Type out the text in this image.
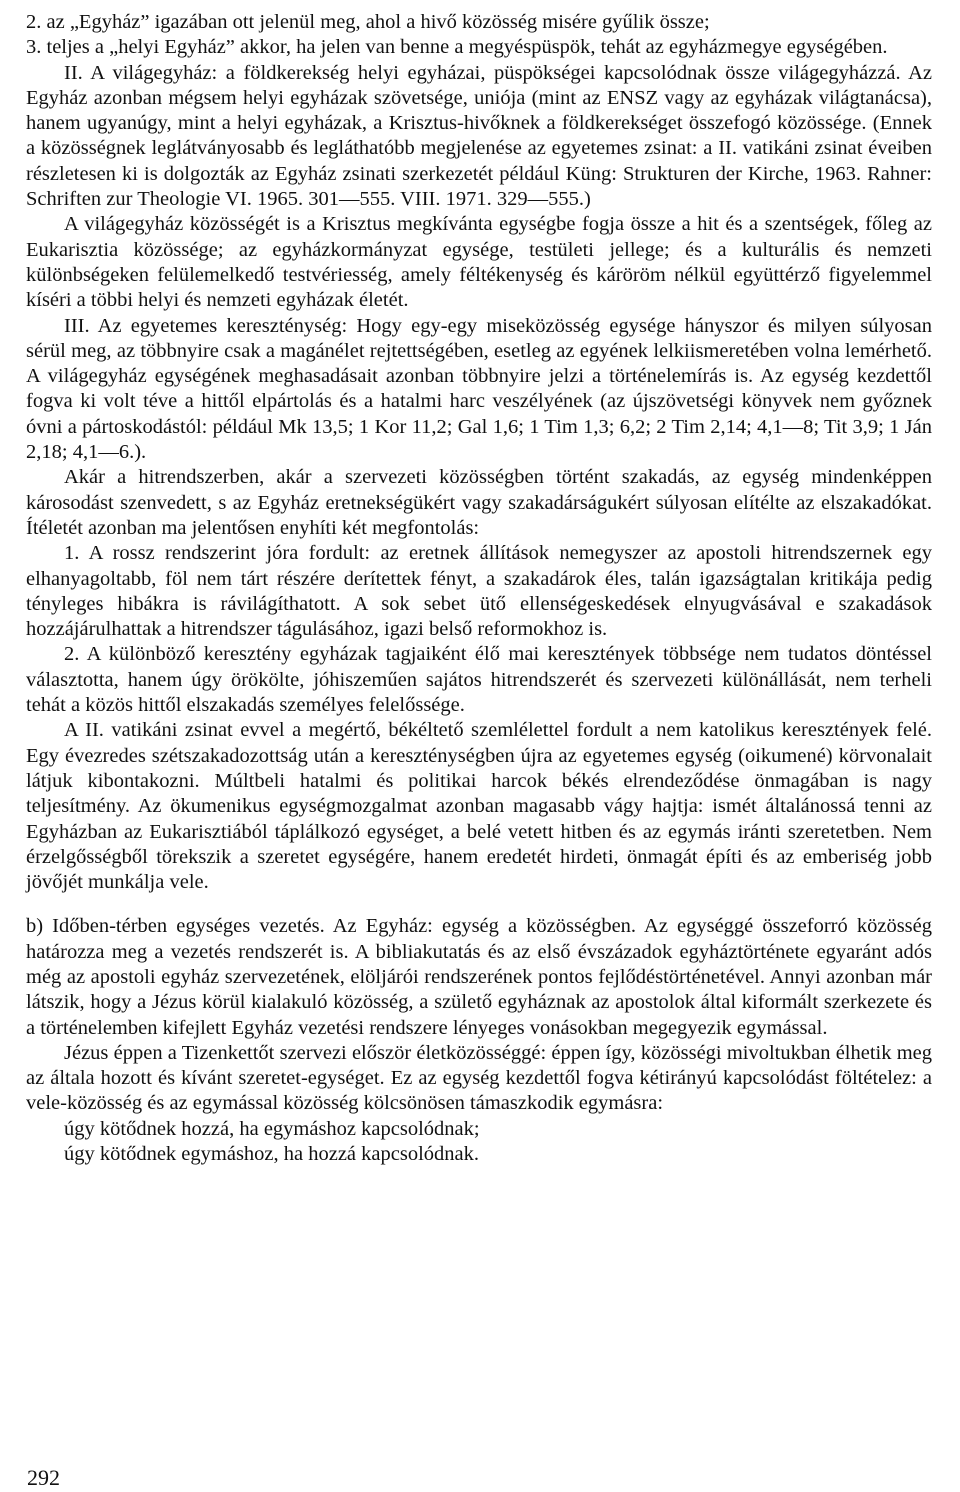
2. az „Egyház” igazában ott jelenül meg, ahol a hivő közösség misére gyűlik össze;

3. teljes a „helyi Egyház” akkor, ha jelen van benne a megyéspüspök, tehát az egyházmegye egységében.

II. A világegyház: a földkerekség helyi egyházai, püspökségei kapcsolódnak össze világegyházzá. Az Egyház azonban mégsem helyi egyházak szövetsége, uniója (mint az ENSZ vagy az egyházak világtanácsa), hanem ugyanúgy, mint a helyi egyházak, a Krisztus-hivőknek a földkerekséget összefogó közössége. (Ennek a közösségnek leglátványosabb és legláthatóbb megjelenése az egyetemes zsinat: a II. vatikáni zsinat éveiben részletesen ki is dolgozták az Egyház zsinati szerkezetét például Küng: Strukturen der Kirche, 1963. Rahner: Schriften zur Theologie VI. 1965. 301—555. VIII. 1971. 329—555.)

A világegyház közösségét is a Krisztus megkívánta egységbe fogja össze a hit és a szentségek, főleg az Eukarisztia közössége; az egyházkormányzat egysége, testületi jellege; és a kulturális és nemzeti különbségeken felülemelkedő testvériesség, amely féltékenység és káröröm nélkül együttérző figyelemmel kíséri a többi helyi és nemzeti egyházak életét.

III. Az egyetemes kereszténység: Hogy egy-egy miseközösség egysége hányszor és milyen súlyosan sérül meg, az többnyire csak a magánélet rejtettségében, esetleg az egyének lelkiismeretében volna lemérhető. A világegyház egységének meghasadásait azonban többnyire jelzi a történelemírás is. Az egység kezdettől fogva ki volt téve a hittől elpártolás és a hatalmi harc veszélyének (az újszövetségi könyvek nem győznek óvni a pártoskodástól: például Mk 13,5; 1 Kor 11,2; Gal 1,6; 1 Tim 1,3; 6,2; 2 Tim 2,14; 4,1—8; Tit 3,9; 1 Ján 2,18; 4,1—6.).

Akár a hitrendszerben, akár a szervezeti közösségben történt szakadás, az egység mindenképpen károsodást szenvedett, s az Egyház eretnekségükért vagy szakadárságukért súlyosan elítélte az elszakadókat. Ítéletét azonban ma jelentősen enyhíti két megfontolás:

1. A rossz rendszerint jóra fordult: az eretnek állítások nemegyszer az apostoli hitrendszernek egy elhanyagoltabb, föl nem tárt részére derítettek fényt, a szakadárok éles, talán igazságtalan kritikája pedig tényleges hibákra is rávilágíthatott. A sok sebet ütő ellenségeskedések elnyugvásával e szakadások hozzájárulhattak a hitrendszer tágulásához, igazi belső reformokhoz is.

2. A különböző keresztény egyházak tagjaiként élő mai keresztények többsége nem tudatos döntéssel választotta, hanem úgy örökölte, jóhiszeműen sajátos hitrendszerét és szervezeti különállását, nem terheli tehát a közös hittől elszakadás személyes felelőssége.

A II. vatikáni zsinat evvel a megértő, békéltető szemlélettel fordult a nem katolikus keresztények felé. Egy évezredes szétszakadozottság után a kereszténységben újra az egyetemes egység (oikumené) körvonalait látjuk kibontakozni. Múltbeli hatalmi és politikai harcok békés elrendeződése önmagában is nagy teljesítmény. Az ökumenikus egységmozgalmat azonban magasabb vágy hajtja: ismét általánossá tenni az Egyházban az Eukarisztiából táplálkozó egységet, a belé vetett hitben és az egymás iránti szeretetben. Nem érzelgősségből törekszik a szeretet egységére, hanem eredetét hirdeti, önmagát építi és az emberiség jobb jövőjét munkálja vele.

b) Időben-térben egységes vezetés. Az Egyház: egység a közösségben. Az egységgé összeforró közösség határozza meg a vezetés rendszerét is. A bibliakutatás és az első évszázadok egyháztörténete egyaránt adós még az apostoli egyház szervezetének, elöljárói rendszerének pontos fejlődéstörténetével. Annyi azonban már látszik, hogy a Jézus körül kialakuló közösség, a születő egyháznak az apostolok által kiformált szerkezete és a történelemben kifejlett Egyház vezetési rendszere lényeges vonásokban megegyezik egymással.

Jézus éppen a Tizenkettőt szervezi először életközösséggé: éppen így, közösségi mivoltukban élhetik meg az általa hozott és kívánt szeretet-egységet. Ez az egység kezdettől fogva kétirányú kapcsolódást föltételez: a vele-közösség és az egymással közösség kölcsönösen támaszkodik egymásra:

úgy kötődnek hozzá, ha egymáshoz kapcsolódnak;

úgy kötődnek egymáshoz, ha hozzá kapcsolódnak.

292
